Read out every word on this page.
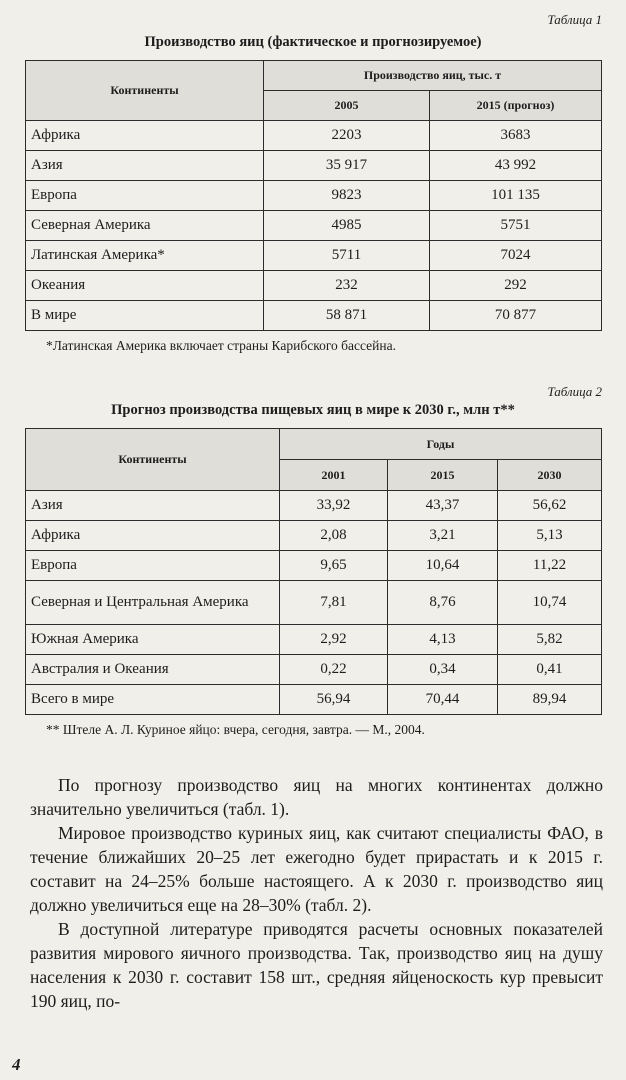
Таблица 1
Производство яиц (фактическое и прогнозируемое)
Континенты	Производство яиц, тыс. т	
	2005	2015 (прогноз)
Африка	2203	3683
Азия	35 917	43 992
Европа	9823	101 135
Северная Америка	4985	5751
Латинская Америка*	5711	7024
Океания	232	292
В мире	58 871	70 877
*Латинская Америка включает страны Карибского бассейна.
Таблица 2
Прогноз производства пищевых яиц в мире к 2030 г., млн т**
Континенты	Годы		
	2001	2015	2030
Азия	33,92	43,37	56,62
Африка	2,08	3,21	5,13
Европа	9,65	10,64	11,22
Северная и Центральная Америка	7,81	8,76	10,74
Южная Америка	2,92	4,13	5,82
Австралия и Океания	0,22	0,34	0,41
Всего в мире	56,94	70,44	89,94
** Штеле А. Л. Куриное яйцо: вчера, сегодня, завтра. — М., 2004.

По прогнозу производство яиц на многих континентах должно значительно увеличиться (табл. 1).

Мировое производство куриных яиц, как считают специалисты ФАО, в течение ближайших 20–25 лет ежегодно будет прирастать и к 2015 г. составит на 24–25% больше настоящего. А к 2030 г. производство яиц должно увеличиться еще на 28–30% (табл. 2).

В доступной литературе приводятся расчеты основных показателей развития мирового яичного производства. Так, производство яиц на душу населения к 2030 г. составит 158 шт., средняя яйценоскость кур превысит 190 яиц, по-

4
